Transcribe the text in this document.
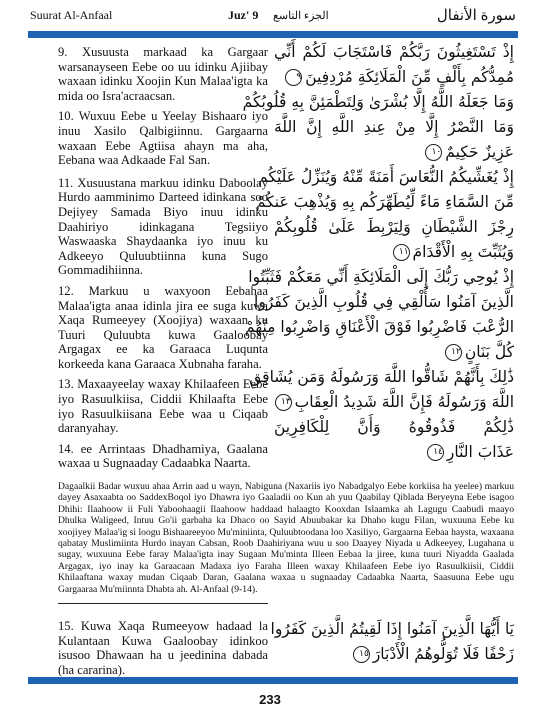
Suurat Al-Anfaal	Juz' 9 الجزء التاسع	سورة الأنفال

9. Xusuusta markaad ka Gargaar warsanayseen Eebe oo uu idinku Ajiibay waxaan idinku Xoojin Kun Malaa'igta ka mida oo Isra'acraacsan.

10. Wuxuu Eebe u Yeelay Bishaaro iyo inuu Xasilo Qalbigiinnu. Gargaarna waxaan Eebe Agtiisa ahayn ma aha, Eebana waa Adkaade Fal San.

11. Xusuustana markuu idinku Daboolay Hurdo aamminimo Darteed idinkana soo Dejiyey Samada Biyo inuu idinku Daahiriyo idinkagana Tegsiiyo Waswaaska Shaydaanka iyo inuu ku Adkeeyo Quluubtiinna kuna Sugo Gommadihiinna.

12. Markuu u waxyoon Eebahaa Malaa'igta anaa idinla jira ee suga kuwa Xaqa Rumeeyey (Xoojiya) waxaan ku Tuuri Quluubta kuwa Gaaloobay Argagax ee ka Garaaca Luqunta korkeeda kana Garaaca Xubnaha faraha.

13. Maxaayeelay waxay Khilaafeen Eebe iyo Rasuulkiisa, Ciddii Khilaafta Eebe iyo Rasuulkiisana Eebe waa u Ciqaab daranyahay.

14. ee Arrintaas Dhadhamiya, Gaalana waxaa u Sugnaaday Cadaabka Naarta.

إِذْ تَسْتَغِيثُونَ رَبَّكُمْ فَاسْتَجَابَ لَكُمْ أَنِّي
مُمِدُّكُم بِأَلْفٍ مِّنَ الْمَلَائِكَةِ مُرْدِفِينَ٩
وَمَا جَعَلَهُ اللَّهُ إِلَّا بُشْرَىٰ وَلِتَطْمَئِنَّ بِهِ قُلُوبُكُمْ
وَمَا النَّصْرُ إِلَّا مِنْ عِندِ اللَّهِ إِنَّ اللَّهَ
عَزِيزٌ حَكِيمٌ١٠
إِذْ يُغَشِّيكُمُ النُّعَاسَ أَمَنَةً مِّنْهُ وَيُنَزِّلُ عَلَيْكُم
مِّنَ السَّمَاءِ مَاءً لِّيُطَهِّرَكُم بِهِ وَيُذْهِبَ عَنكُمْ
رِجْزَ الشَّيْطَانِ وَلِيَرْبِطَ عَلَىٰ قُلُوبِكُمْ
وَيُثَبِّتَ بِهِ الْأَقْدَامَ١١
إِذْ يُوحِي رَبُّكَ إِلَى الْمَلَائِكَةِ أَنِّي مَعَكُمْ فَثَبِّتُوا
الَّذِينَ آمَنُوا سَأُلْقِي فِي قُلُوبِ الَّذِينَ كَفَرُوا
الرُّعْبَ فَاضْرِبُوا فَوْقَ الْأَعْنَاقِ وَاضْرِبُوا مِنْهُمْ
كُلَّ بَنَانٍ١٢
ذَٰلِكَ بِأَنَّهُمْ شَاقُّوا اللَّهَ وَرَسُولَهُ وَمَن يُشَاقِقِ
اللَّهَ وَرَسُولَهُ فَإِنَّ اللَّهَ شَدِيدُ الْعِقَابِ١٣
ذَٰلِكُمْ فَذُوقُوهُ وَأَنَّ لِلْكَافِرِينَ
عَذَابَ النَّارِ١٤
Dagaalkii Badar wuxuu ahaa Arrin aad u wayn, Nabiguna (Naxariis iyo Nabadgalyo Eebe korkiisa ha yeelee) markuu dayey Asaxaabta oo SaddexBoqol iyo Dhawra iyo Gaaladii oo Kun ah yuu Qaabilay Qiblada Beryeyna Eebe isagoo Dhihi: Ilaahoow ii Fuli Yaboohaagii Ilaahoow haddaad halaagto Kooxdan Islaamka ah Lagugu Caabudi maayo Dhulka Waligeed, Intuu Go'ii garbaha ka Dhaco oo Sayid Abuubakar ka Dhaho kugu Filan, wuxuuna Eebe ku xoojiyey Malaa'ig si loogu Bishaareeyoo Mu'miniinta, Quluubtoodana loo Xasiliyo, Gargaarna Eebaa haysta, waxaana qabatay Muslimiinta Hurdo inayan Cabsan, Roob Daahiriyana wuu u soo Daayey Niyada u Adkeeyey, Lugahana u sugay, wuxuuna Eebe faray Malaa'igta inay Sugaan Mu'minta Illeen Eebaa la jiree, kuna tuuri Niyadda Gaalada Argagax, iyo inay ka Garaacaan Madaxa iyo Faraha Illeen waxay Khilaafeen Eebe iyo Rasuulkiisii, Ciddii Khilaaftana waxay mudan Ciqaab Daran, Gaalana waxaa u sugnaaday Cadaabka Naarta, Saasuuna Eebe ugu Gargaaraa Mu'miinnta Dhabta ah. Al-Anfaal (9-14).

15. Kuwa Xaqa Rumeeyow hadaad la Kulantaan Kuwa Gaaloobay idinkoo isusoo Dhawaan ha u jeedinina dabada (ha cararina).

يَا أَيُّهَا الَّذِينَ آمَنُوا إِذَا لَقِيتُمُ الَّذِينَ كَفَرُوا
زَحْفًا فَلَا تُوَلُّوهُمُ الْأَدْبَارَ١٥
233
